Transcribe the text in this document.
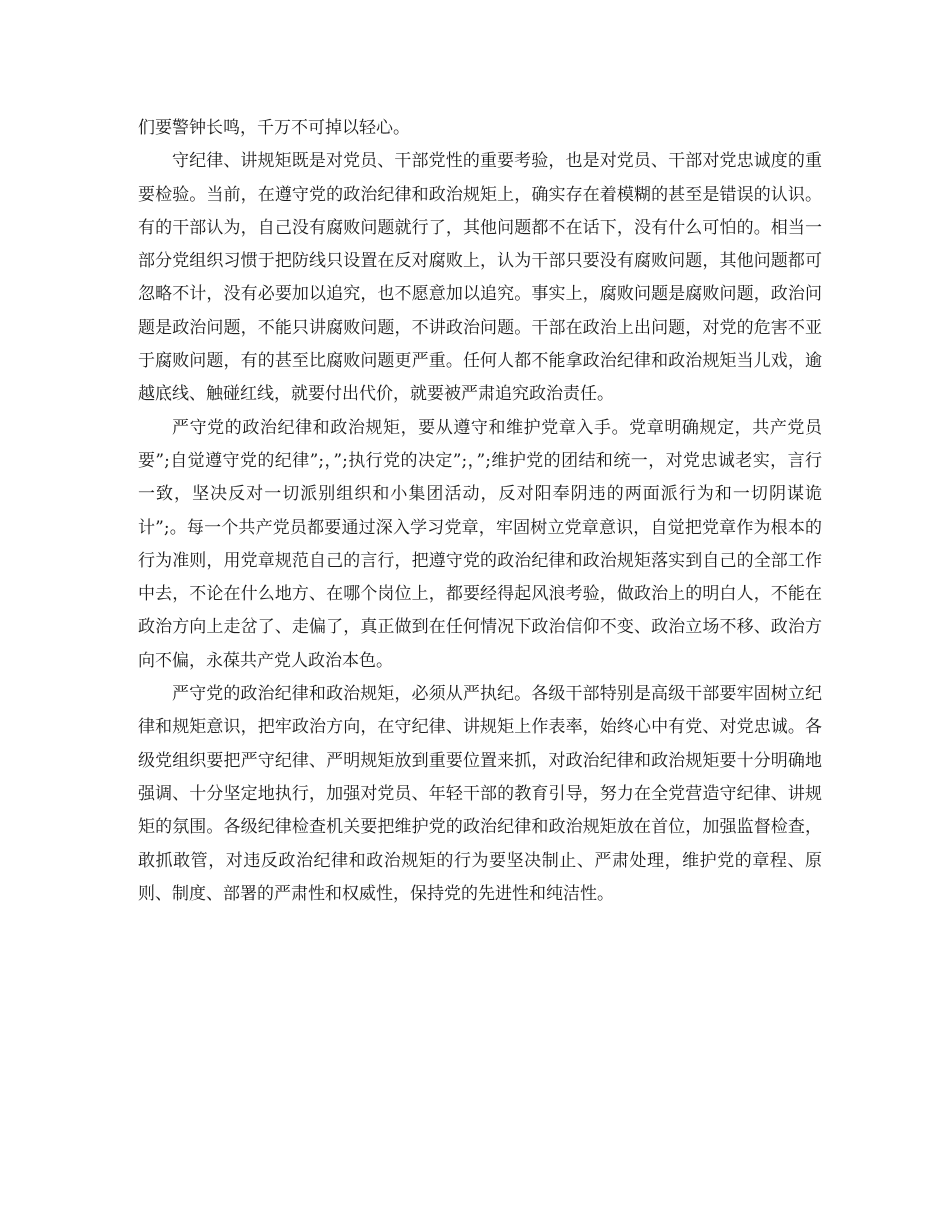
们要警钟长鸣，千万不可掉以轻心。

守纪律、讲规矩既是对党员、干部党性的重要考验，也是对党员、干部对党忠诚度的重要检验。当前，在遵守党的政治纪律和政治规矩上，确实存在着模糊的甚至是错误的认识。有的干部认为，自己没有腐败问题就行了，其他问题都不在话下，没有什么可怕的。相当一部分党组织习惯于把防线只设置在反对腐败上，认为干部只要没有腐败问题，其他问题都可忽略不计，没有必要加以追究，也不愿意加以追究。事实上，腐败问题是腐败问题，政治问题是政治问题，不能只讲腐败问题，不讲政治问题。干部在政治上出问题，对党的危害不亚于腐败问题，有的甚至比腐败问题更严重。任何人都不能拿政治纪律和政治规矩当儿戏，逾越底线、触碰红线，就要付出代价，就要被严肃追究政治责任。

严守党的政治纪律和政治规矩，要从遵守和维护党章入手。党章明确规定，共产党员要”;自觉遵守党的纪律”;，”;执行党的决定”;，”;维护党的团结和统一，对党忠诚老实，言行一致，坚决反对一切派别组织和小集团活动，反对阳奉阴违的两面派行为和一切阴谋诡计”;。每一个共产党员都要通过深入学习党章，牢固树立党章意识，自觉把党章作为根本的行为准则，用党章规范自己的言行，把遵守党的政治纪律和政治规矩落实到自己的全部工作中去，不论在什么地方、在哪个岗位上，都要经得起风浪考验，做政治上的明白人，不能在政治方向上走岔了、走偏了，真正做到在任何情况下政治信仰不变、政治立场不移、政治方向不偏，永葆共产党人政治本色。

严守党的政治纪律和政治规矩，必须从严执纪。各级干部特别是高级干部要牢固树立纪律和规矩意识，把牢政治方向，在守纪律、讲规矩上作表率，始终心中有党、对党忠诚。各级党组织要把严守纪律、严明规矩放到重要位置来抓，对政治纪律和政治规矩要十分明确地强调、十分坚定地执行，加强对党员、年轻干部的教育引导，努力在全党营造守纪律、讲规矩的氛围。各级纪律检查机关要把维护党的政治纪律和政治规矩放在首位，加强监督检查，敢抓敢管，对违反政治纪律和政治规矩的行为要坚决制止、严肃处理，维护党的章程、原则、制度、部署的严肃性和权威性，保持党的先进性和纯洁性。
